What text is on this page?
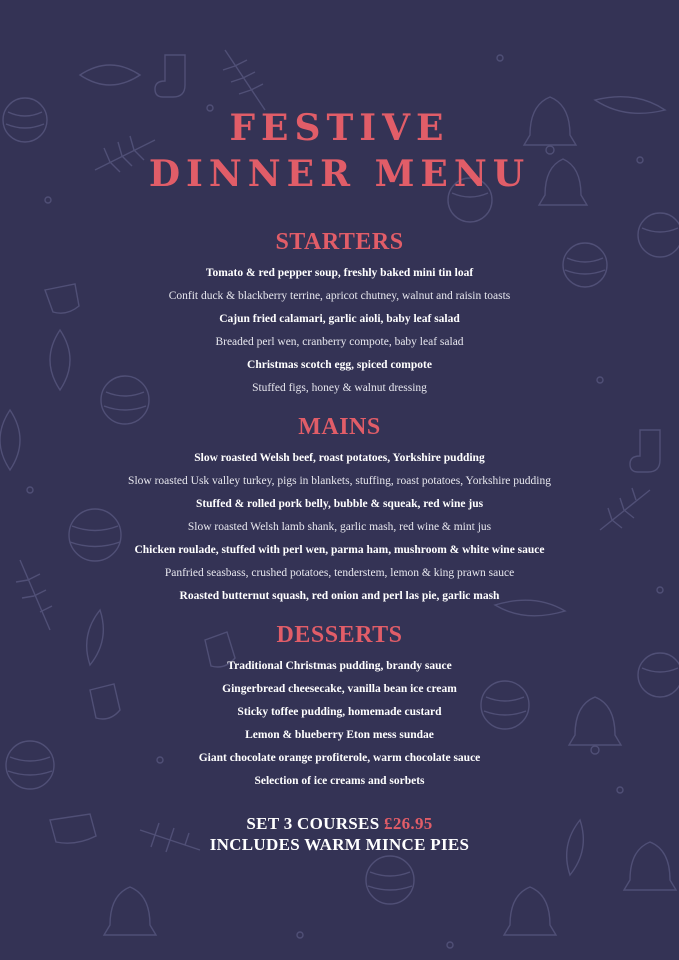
FESTIVE
DINNER MENU
STARTERS
Tomato & red pepper soup, freshly baked mini tin loaf
Confit duck & blackberry terrine, apricot chutney, walnut and raisin toasts
Cajun fried calamari, garlic aioli, baby leaf salad
Breaded perl wen, cranberry compote, baby leaf salad
Christmas scotch egg, spiced compote
Stuffed figs, honey & walnut dressing
MAINS
Slow roasted Welsh beef, roast potatoes, Yorkshire pudding
Slow roasted Usk valley turkey, pigs in blankets, stuffing, roast potatoes, Yorkshire pudding
Stuffed & rolled pork belly, bubble & squeak, red wine jus
Slow roasted Welsh lamb shank, garlic mash, red wine & mint jus
Chicken roulade, stuffed with perl wen, parma ham, mushroom & white wine sauce
Panfried seasbass, crushed potatoes, tenderstem, lemon & king prawn sauce
Roasted butternut squash, red onion and perl las pie, garlic mash
DESSERTS
Traditional Christmas pudding, brandy sauce
Gingerbread cheesecake, vanilla bean ice cream
Sticky toffee pudding, homemade custard
Lemon & blueberry Eton mess sundae
Giant chocolate orange profiterole, warm chocolate sauce
Selection of ice creams and sorbets
SET 3 COURSES £26.95
INCLUDES WARM MINCE PIES
